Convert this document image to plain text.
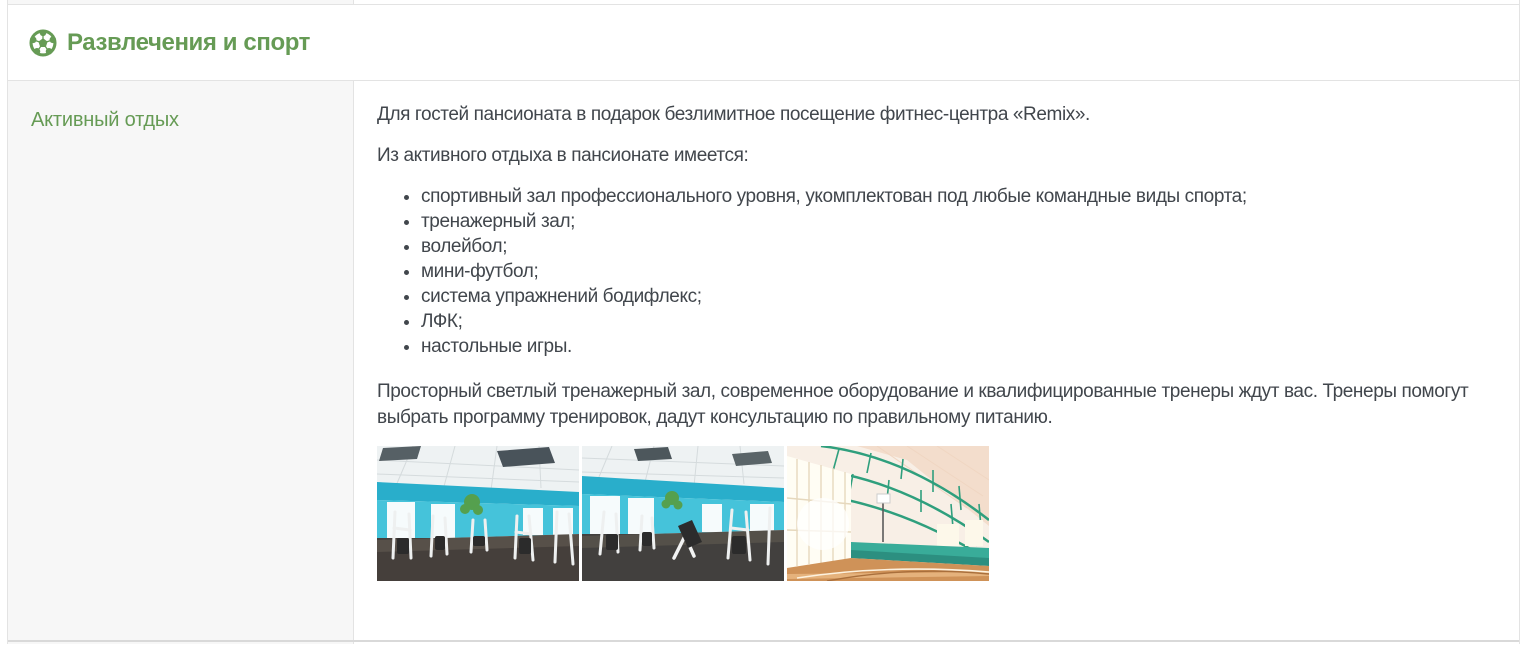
Развлечения и спорт
Активный отдых	Для гостей пансионата в подарок безлимитное посещение фитнес-центра «Remix».

Из активного отдыха в пансионате имеется:

• спортивный зал профессионального уровня, укомплектован под любые командные виды спорта;
• тренажерный зал;
• волейбол;
• мини-футбол;
• система упражнений бодифлекс;
• ЛФК;
• настольные игры.

Просторный светлый тренажерный зал, современное оборудование и квалифицированные тренеры ждут вас. Тренеры помогут выбрать программу тренировок, дадут консультацию по правильному питанию.
